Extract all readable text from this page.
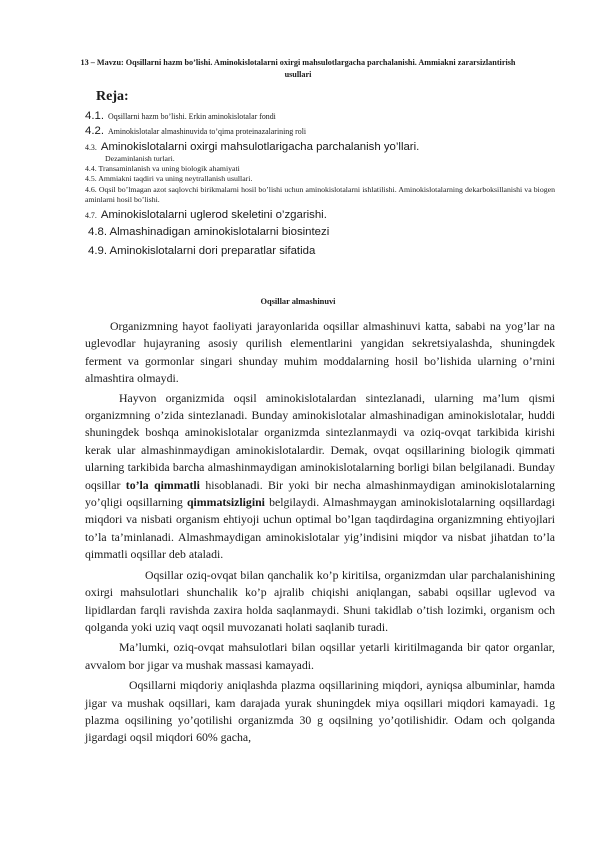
13 – Mavzu: Oqsillarni hazm bo’lishi. Aminokislotalarni oxirgi mahsulotlargacha parchalanishi. Ammiakni zararsizlantirish usullari
Reja:
4.1. Oqsillarni hazm bo’lishi. Erkin aminokislotalar fondi
4.2. Aminokislotalar almashinuvida to’qima proteinazalarining roli
4.3. Aminokislotalarni oxirgi mahsulotlarigacha parchalanish yo’llari.
Dezaminlanish turlari.
4.4. Transaminlanish va uning biologik ahamiyati
4.5. Ammiakni taqdiri va uning neytrallanish usullari.
4.6. Oqsil bo’lmagan azot saqlovchi birikmalarni hosil bo’lishi uchun aminokislotalarni ishlatilishi. Aminokislotalarning dekarboksillanishi va biogen aminlarni hosil bo’lishi.
4.7. Aminokislotalarni uglerod skeletini o’zgarishi.
4.8. Almashinadigan aminokislotalarni biosintezi
4.9. Aminokislotalarni dori preparatlar sifatida
Oqsillar almashinuvi

Organizmning hayot faoliyati jarayonlarida oqsillar almashinuvi katta, sababi na yog’lar na uglevodlar hujayraning asosiy qurilish elementlarini yangidan sekretsiyalashda, shuningdek ferment va gormonlar singari shunday muhim moddalarning hosil bo’lishida ularning o’rnini almashtira olmaydi.

Hayvon organizmida oqsil aminokislotalardan sintezlanadi, ularning ma’lum qismi organizmning o’zida sintezlanadi. Bunday aminokislotalar almashinadigan aminokislotalar, huddi shuningdek boshqa aminokislotalar organizmda sintezlanmaydi va oziq-ovqat tarkibida kirishi kerak ular almashinmaydigan aminokislotalardir. Demak, ovqat oqsillarining biologik qimmati ularning tarkibida barcha almashinmaydigan aminokislotalarning borligi bilan belgilanadi. Bunday oqsillar to’la qimmatli hisoblanadi. Bir yoki bir necha almashinmaydigan aminokislotalarning yo’qligi oqsillarning qimmatsizligini belgilaydi. Almashmaygan aminokislotalarning oqsillardagi miqdori va nisbati organism ehtiyoji uchun optimal bo’lgan taqdirdagina organizmning ehtiyojlari to’la ta’minlanadi. Almashmaydigan aminokislotalar yig’indisini miqdor va nisbat jihatdan to’la qimmatli oqsillar deb ataladi.

Oqsillar oziq-ovqat bilan qanchalik ko’p kiritilsa, organizmdan ular parchalanishining oxirgi mahsulotlari shunchalik ko’p ajralib chiqishi aniqlangan, sababi oqsillar uglevod va lipidlardan farqli ravishda zaxira holda saqlanmaydi. Shuni takidlab o’tish lozimki, organism och qolganda yoki uziq vaqt oqsil muvozanati holati saqlanib turadi.

Ma’lumki, oziq-ovqat mahsulotlari bilan oqsillar yetarli kiritilmaganda bir qator organlar, avvalom bor jigar va mushak massasi kamayadi.

Oqsillarni miqdoriy aniqlashda plazma oqsillarining miqdori, ayniqsa albuminlar, hamda jigar va mushak oqsillari, kam darajada yurak shuningdek miya oqsillari miqdori kamayadi. 1g plazma oqsilining yo’qotilishi organizmda 30 g oqsilning yo’qotilishidir. Odam och qolganda jigardagi oqsil miqdori 60% gacha,
